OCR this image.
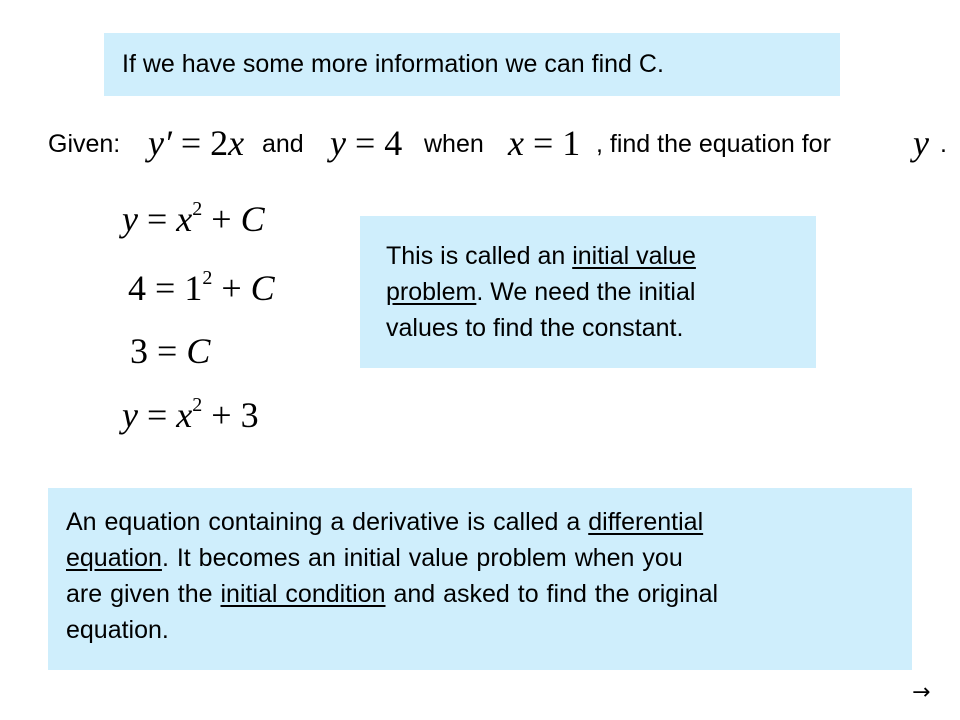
If we have some more information we can find C.
Given: y′ = 2x and y = 4 when x = 1 , find the equation for y .
$y = x^2 + C$
$4 = 1^2 + C$
3 = C
$y = x^2 + 3$
This is called an initial value
problem. We need the initial
values to find the constant.
An equation containing a derivative is called a differential
equation. It becomes an initial value problem when you
are given the initial condition and asked to find the original
equation.
→
